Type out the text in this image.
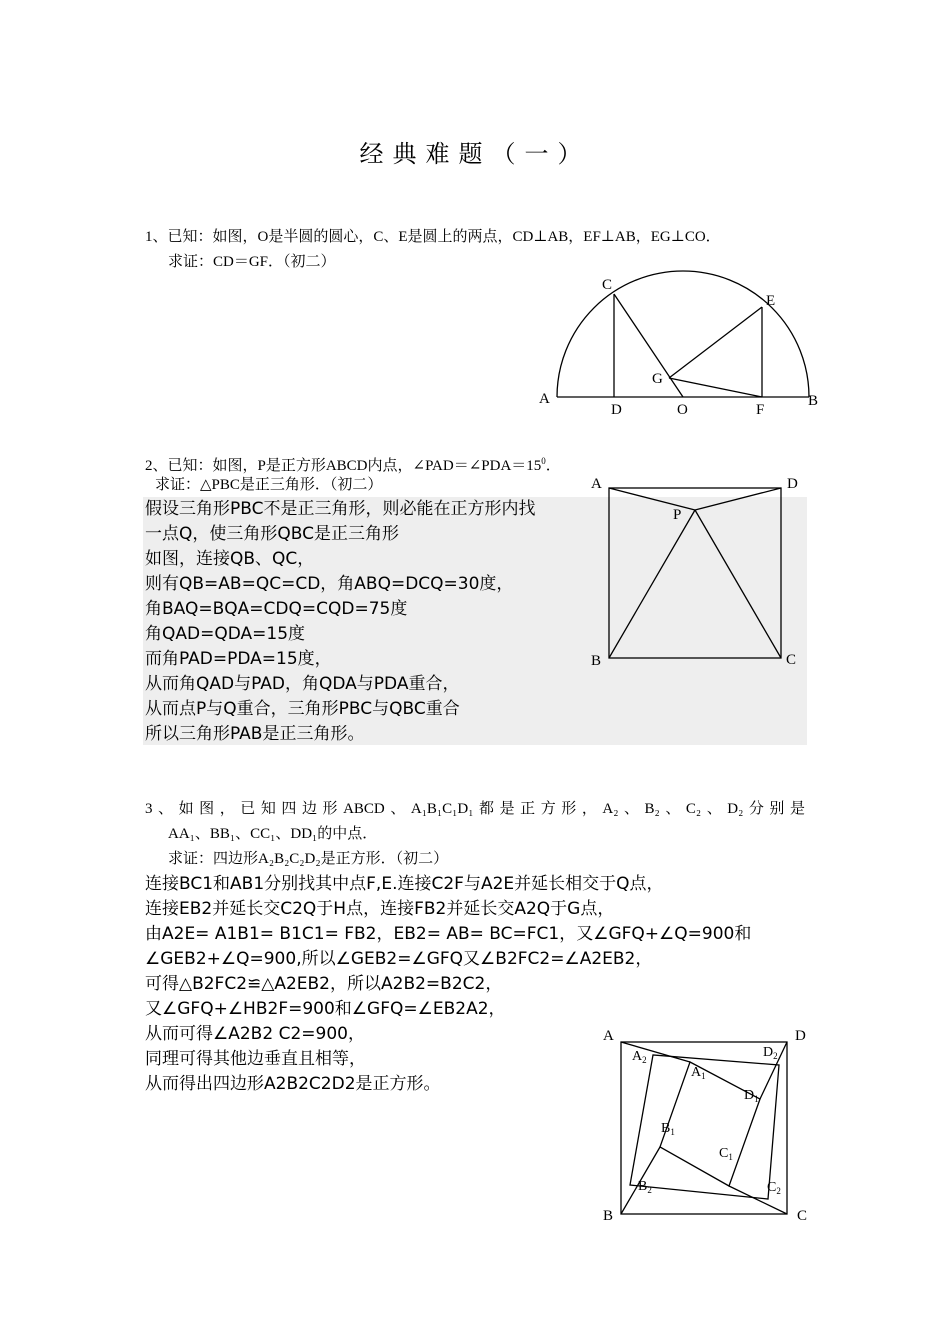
经典难题（一）
1、已知：如图，O是半圆的圆心，C、E是圆上的两点，CD⊥AB，EF⊥AB，EG⊥CO．
求证：CD＝GF．（初二）
A	B
C
D
E
F
G
O
2、已知：如图，P是正方形ABCD内点，$\angle PAD=\angle PDA=15^0$．
求证：△PBC是正三角形．（初二）
假设三角形PBC不是正三角形，则必能在正方形内找
一点Q，使三角形QBC是正三角形
如图，连接QB、QC，
则有QB=AB=QC=CD，角ABQ=DCQ=30度，
角BAQ=BQA=CDQ=CQD=75度
角QAD=QDA=15度
而角PAD=PDA=15度，
从而角QAD与PAD，角QDA与PDA重合，
从而点P与Q重合，三角形PBC与QBC重合
所以三角形PAB是正三角形。
A	D
P
B	C
3、如图，已知四边形ABCD、A₁B₁C₁D₁都是正方形，A₂、B₂、C₂、D₂分别是
AA₁、BB₁、CC₁、DD₁的中点．
求证：四边形A₂B₂C₂D₂是正方形．（初二）
连接BC1和AB1分别找其中点F,E.连接C2F与A2E并延长相交于Q点，
连接EB2并延长交C2Q于H点，连接FB2并延长交A2Q于G点，
由A2E= A1B1= B1C1= FB2，EB2= AB= BC=FC1，又∠GFQ+∠Q=900和
∠GEB2+∠Q=900,所以∠GEB2=∠GFQ又∠B2FC2=∠A2EB2，
可得△B2FC2≌△A2EB2，所以A2B2=B2C2，
又∠GFQ+∠HB2F=900和∠GFQ=∠EB2A2，
从而可得∠A2B2 C2=900，
同理可得其他边垂直且相等，
从而得出四边形A2B2C2D2是正方形。
A	D
B	C
$A_2$	$D_2$
$A_1$
$D_1$
$B_1$
$C_1$
$B_2$	$C_2$
